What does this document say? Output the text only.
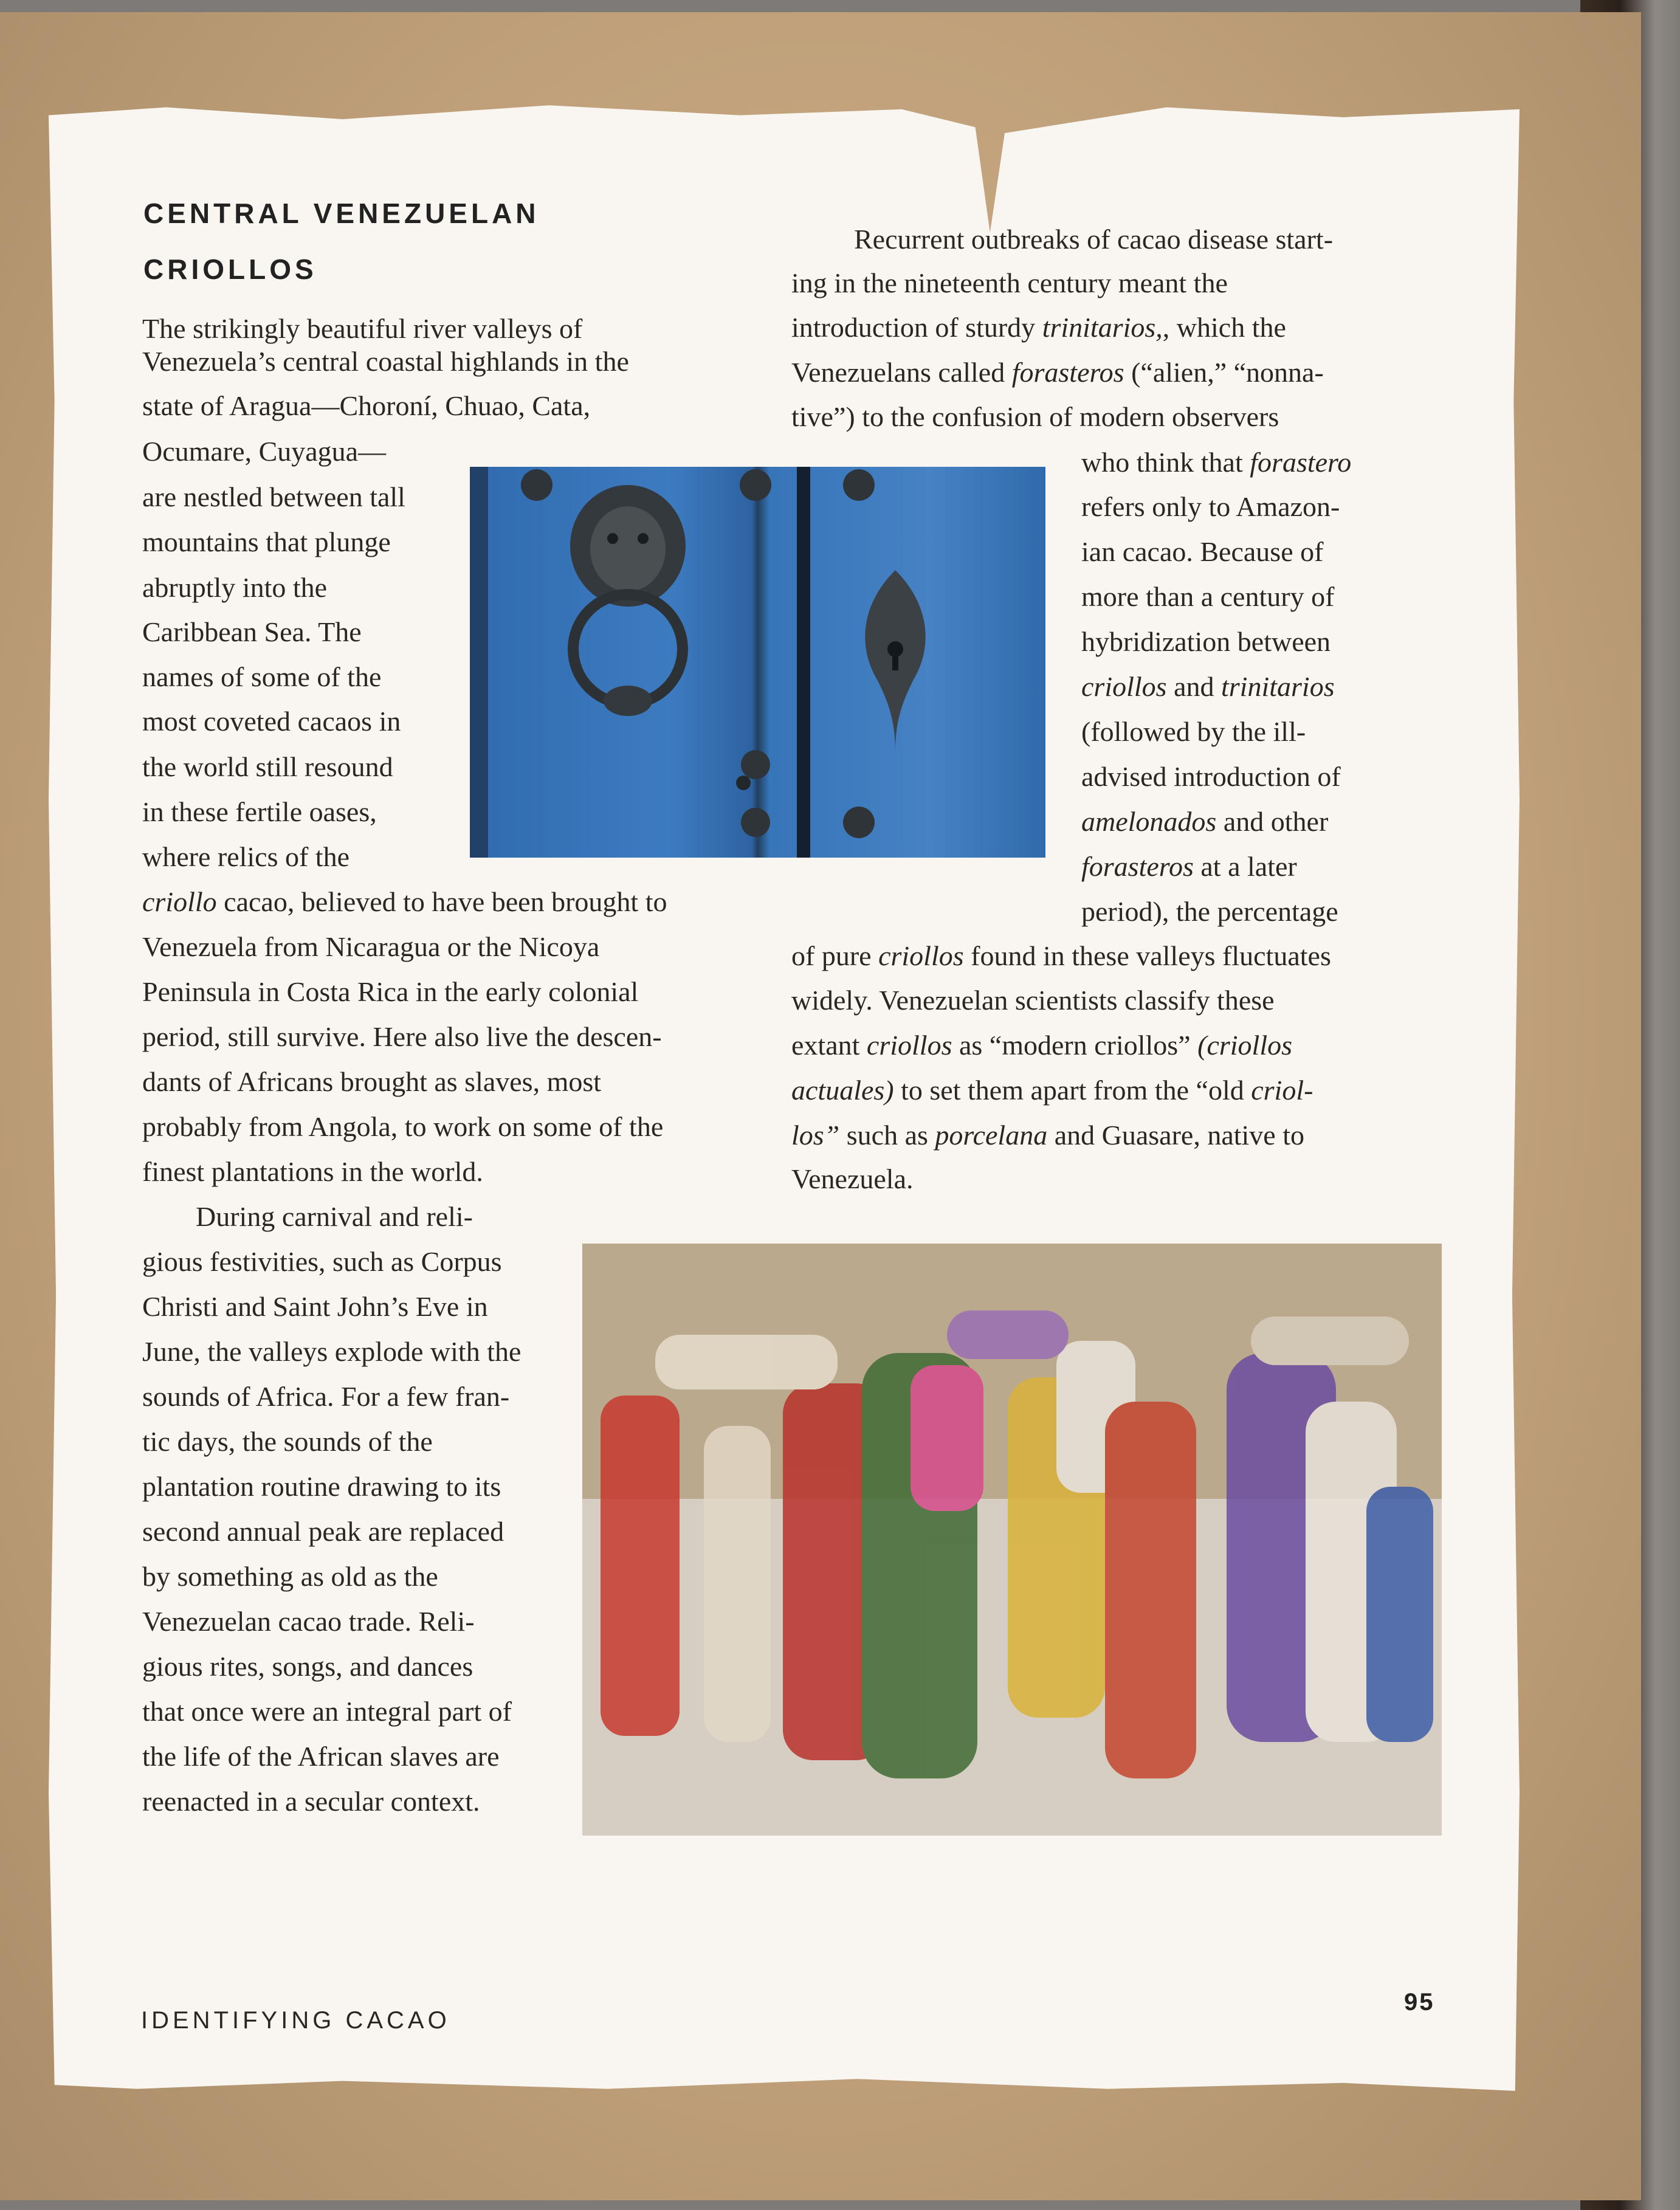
CENTRAL VENEZUELAN
CRIOLLOS
The strikingly beautiful river valleys of
Venezuela’s central coastal highlands in the
state of Aragua—Choroní, Chuao, Cata,
Ocumare, Cuyagua—
are nestled between tall
mountains that plunge
abruptly into the
Caribbean Sea. The
names of some of the
most coveted cacaos in
the world still resound
in these fertile oases,
where relics of the
criollo cacao, believed to have been brought to
Venezuela from Nicaragua or the Nicoya
Peninsula in Costa Rica in the early colonial
period, still survive. Here also live the descen-
dants of Africans brought as slaves, most
probably from Angola, to work on some of the
finest plantations in the world.
During carnival and reli-
gious festivities, such as Corpus
Christi and Saint John’s Eve in
June, the valleys explode with the
sounds of Africa. For a few fran-
tic days, the sounds of the
plantation routine drawing to its
second annual peak are replaced
by something as old as the
Venezuelan cacao trade. Reli-
gious rites, songs, and dances
that once were an integral part of
the life of the African slaves are
reenacted in a secular context.
Recurrent outbreaks of cacao disease start-
ing in the nineteenth century meant the
introduction of sturdy trinitarios,, which the
Venezuelans called forasteros (“alien,” “nonna-
tive”) to the confusion of modern observers
who think that forastero
refers only to Amazon-
ian cacao. Because of
more than a century of
hybridization between
criollos and trinitarios
(followed by the ill-
advised introduction of
amelonados and other
forasteros at a later
period), the percentage
of pure criollos found in these valleys fluctuates
widely. Venezuelan scientists classify these
extant criollos as “modern criollos” (criollos
actuales) to set them apart from the “old criol-
los” such as porcelana and Guasare, native to
Venezuela.
IDENTIFYING CACAO
95
